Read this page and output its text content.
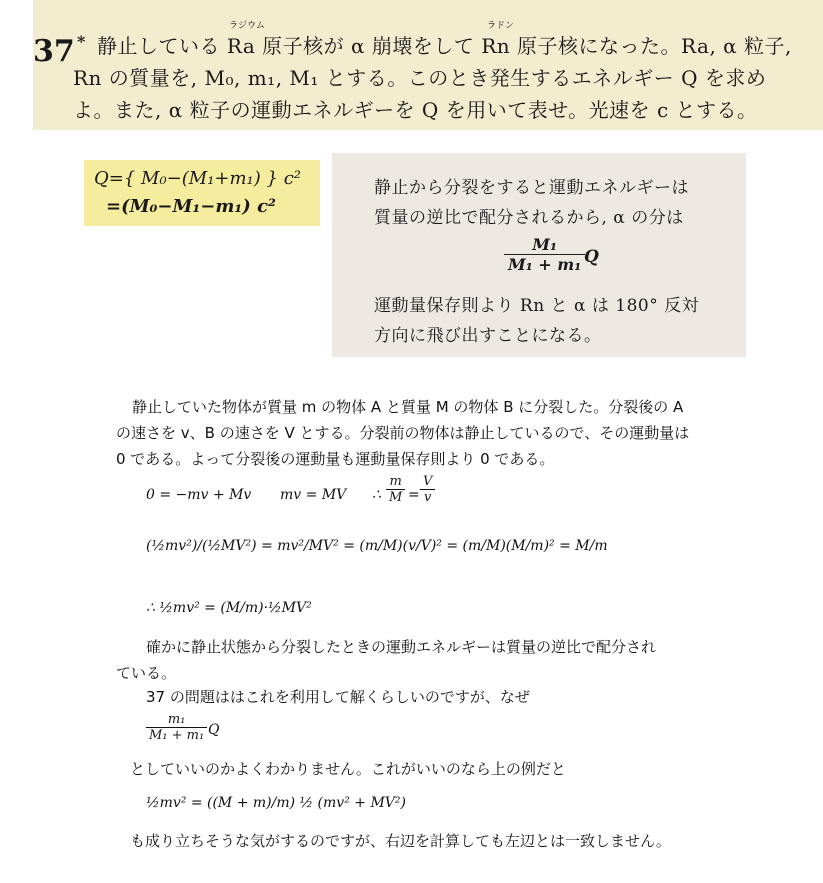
37 *
ラジウム	ラドン
静止している Ra 原子核が α 崩壊をして Rn 原子核になった。Ra, α 粒子,
Rn の質量を, M₀, m₁, M₁ とする。このとき発生するエネルギー Q を求め
よ。また, α 粒子の運動エネルギーを Q を用いて表せ。光速を c とする。
Q={ M₀−(M₁+m₁) } c²
=(M₀−M₁−m₁) c²
静止から分裂をすると運動エネルギーは
質量の逆比で配分されるから, α の分は
$\frac{\text{M₁}}{\text{M₁ + m₁}}$
Q
運動量保存則より Rn と α は 180° 反対
方向に飛び出すことになる。
静止していた物体が質量 m の物体 A と質量 M の物体 B に分裂した。分裂後の A
の速さを v、B の速さを V とする。分裂前の物体は静止しているので、その運動量は
0 である。よって分裂後の運動量も運動量保存則より 0 である。
0 = −mv + Mv mv = MV ∴ $\frac{m}{M} = \frac{V}{v}$
(½mv²)/(½MV²) = mv²/MV² = (m/M)(v/V)² = (m/M)(M/m)² = M/m
∴ ½mv² = (M/m)·½MV²
確かに静止状態から分裂したときの運動エネルギーは質量の逆比で配分され
ている。
37 の問題ははこれを利用して解くらしいのですが、なぜ
$\frac{\text{m₁}}{\text{M₁ + m₁}}$ Q
としていいのかよくわかりません。これがいいのなら上の例だと
½mv² = ((M + m)/m) ½ (mv² + MV²)
も成り立ちそうな気がするのですが、右辺を計算しても左辺とは一致しません。
